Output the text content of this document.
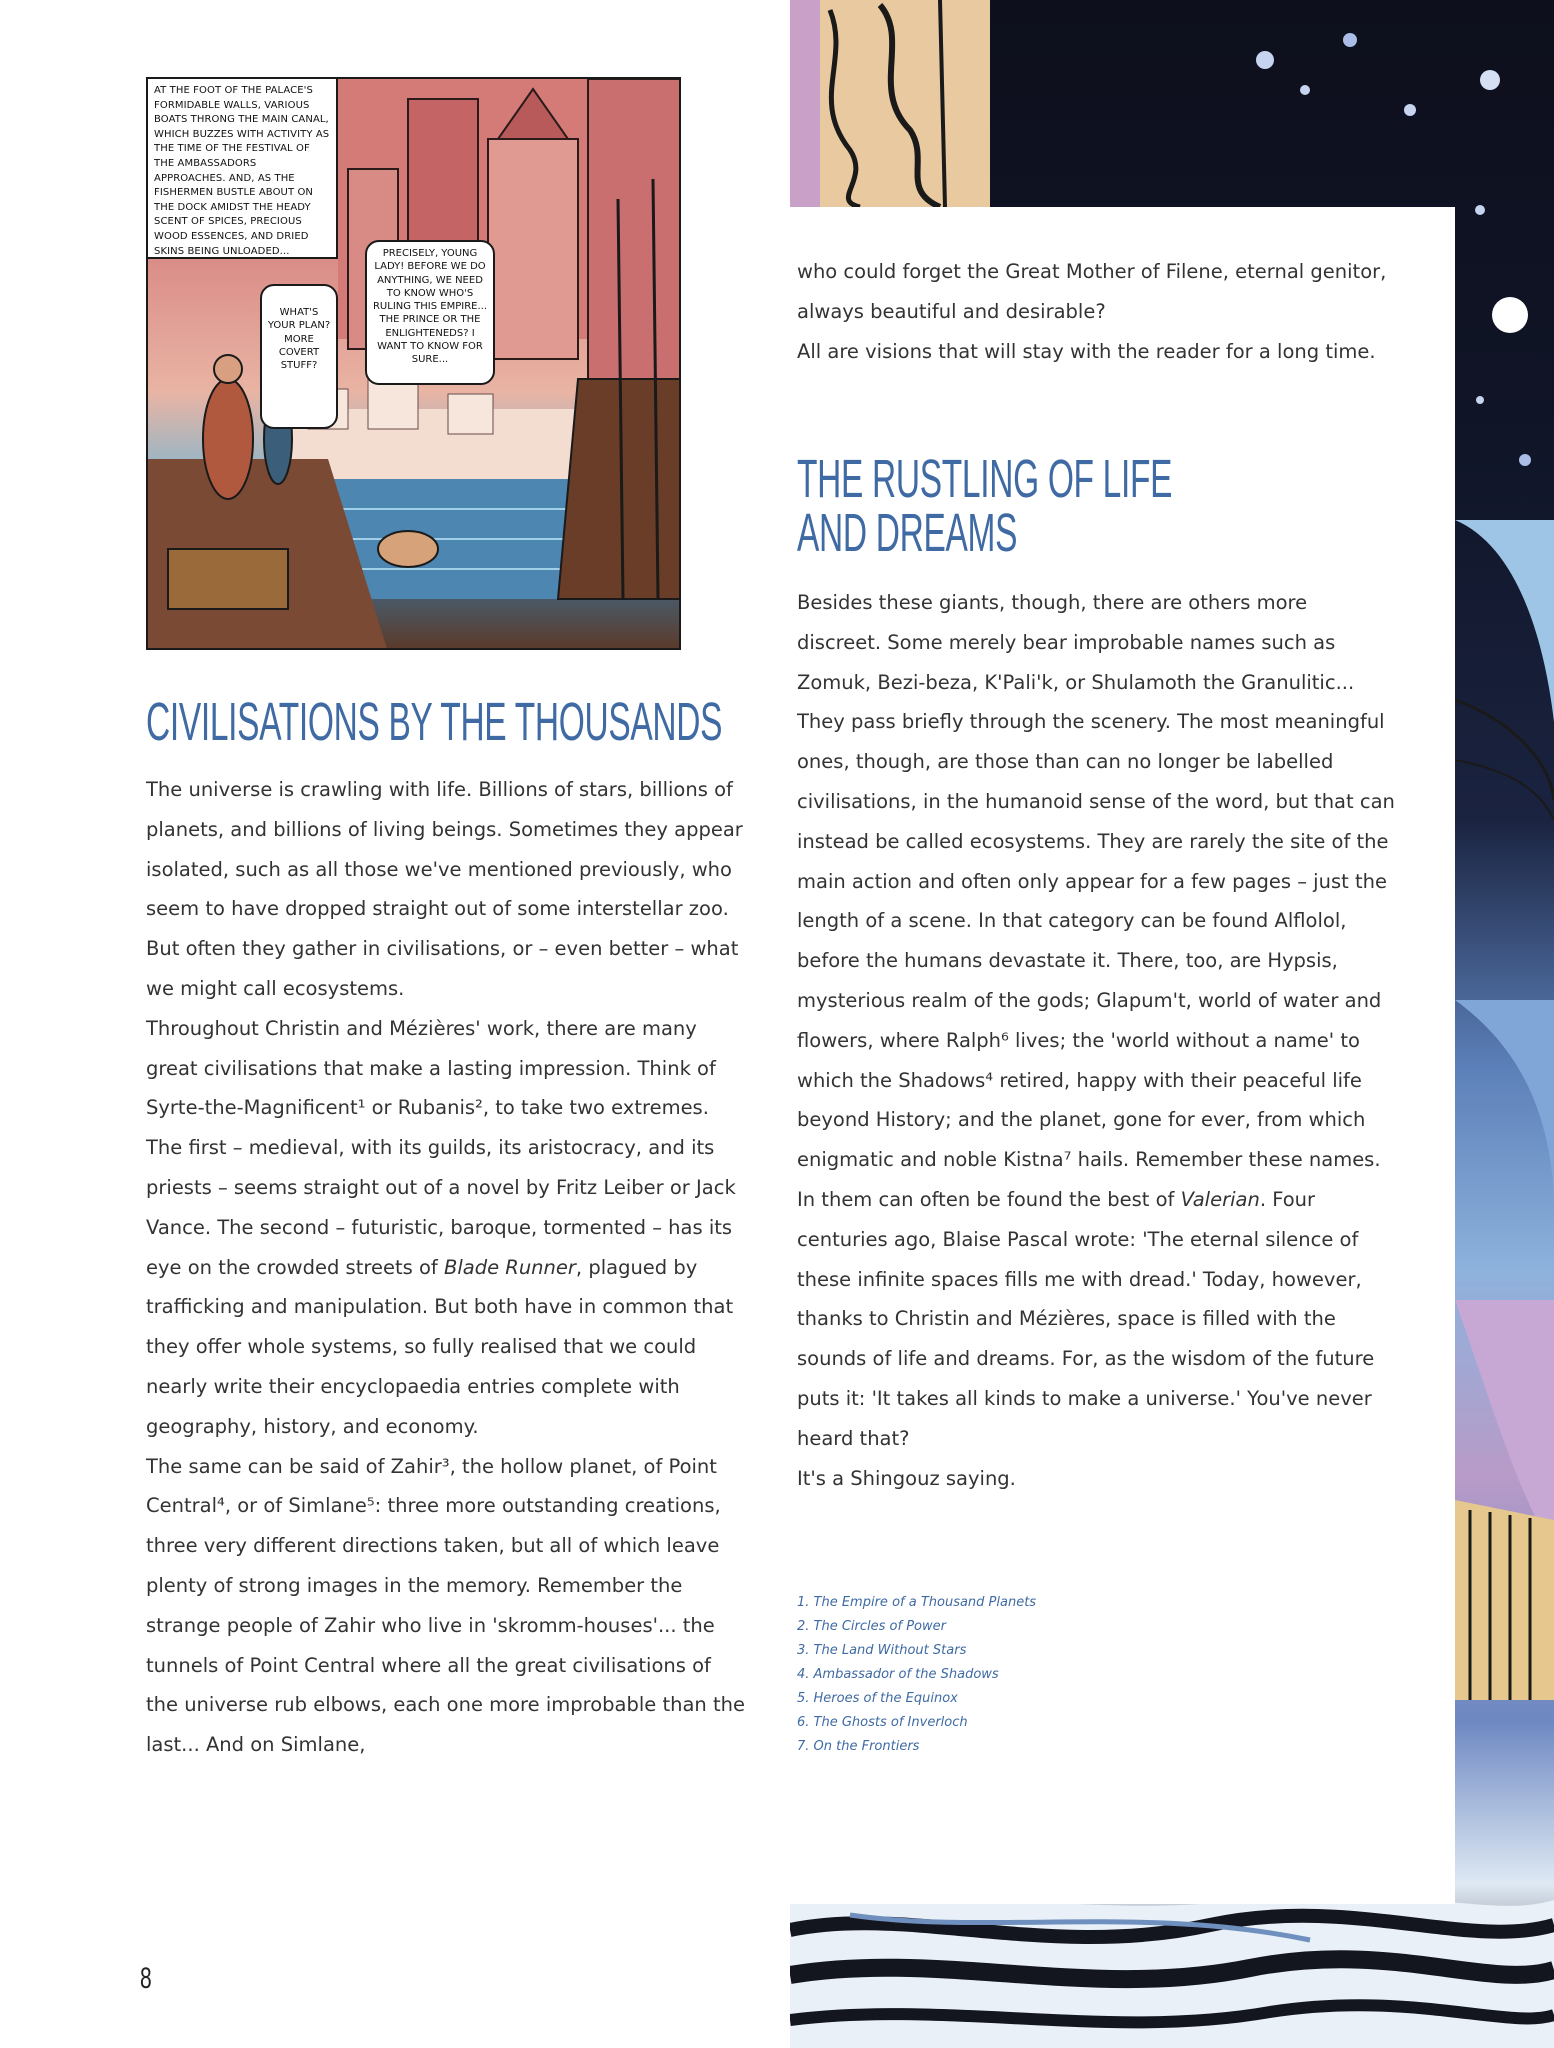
AT THE FOOT OF THE PALACE'S FORMIDABLE WALLS, VARIOUS BOATS THRONG THE MAIN CANAL, WHICH BUZZES WITH ACTIVITY AS THE TIME OF THE FESTIVAL OF THE AMBASSADORS APPROACHES. AND, AS THE FISHERMEN BUSTLE ABOUT ON THE DOCK AMIDST THE HEADY SCENT OF SPICES, PRECIOUS WOOD ESSENCES, AND DRIED SKINS BEING UNLOADED...
WHAT'S YOUR PLAN? MORE COVERT STUFF?
PRECISELY, YOUNG LADY! BEFORE WE DO ANYTHING, WE NEED TO KNOW WHO'S RULING THIS EMPIRE... THE PRINCE OR THE ENLIGHTENEDS? I WANT TO KNOW FOR SURE...
CIVILISATIONS BY THE THOUSANDS

The universe is crawling with life. Billions of stars, billions of planets, and billions of living beings. Sometimes they appear isolated, such as all those we've mentioned previously, who seem to have dropped straight out of some interstellar zoo. But often they gather in civilisations, or – even better – what we might call ecosystems.

Throughout Christin and Mézières' work, there are many great civilisations that make a lasting impression. Think of Syrte-the-Magnificent¹ or Rubanis², to take two extremes. The first – medieval, with its guilds, its aristocracy, and its priests – seems straight out of a novel by Fritz Leiber or Jack Vance. The second – futuristic, baroque, tormented – has its eye on the crowded streets of Blade Runner, plagued by trafficking and manipulation. But both have in common that they offer whole systems, so fully realised that we could nearly write their encyclopaedia entries complete with geography, history, and economy.

The same can be said of Zahir³, the hollow planet, of Point Central⁴, or of Simlane⁵: three more outstanding creations, three very different directions taken, but all of which leave plenty of strong images in the memory. Remember the strange people of Zahir who live in 'skromm-houses'... the tunnels of Point Central where all the great civilisations of the universe rub elbows, each one more improbable than the last... And on Simlane,

who could forget the Great Mother of Filene, eternal genitor, always beautiful and desirable?

All are visions that will stay with the reader for a long time.

THE RUSTLING OF LIFE
AND DREAMS

Besides these giants, though, there are others more discreet. Some merely bear improbable names such as Zomuk, Bezi-beza, K'Pali'k, or Shulamoth the Granulitic... They pass briefly through the scenery. The most meaningful ones, though, are those than can no longer be labelled civilisations, in the humanoid sense of the word, but that can instead be called ecosystems. They are rarely the site of the main action and often only appear for a few pages – just the length of a scene. In that category can be found Alflolol, before the humans devastate it. There, too, are Hypsis, mysterious realm of the gods; Glapum't, world of water and flowers, where Ralph⁶ lives; the 'world without a name' to which the Shadows⁴ retired, happy with their peaceful life beyond History; and the planet, gone for ever, from which enigmatic and noble Kistna⁷ hails. Remember these names. In them can often be found the best of Valerian. Four centuries ago, Blaise Pascal wrote: 'The eternal silence of these infinite spaces fills me with dread.' Today, however, thanks to Christin and Mézières, space is filled with the sounds of life and dreams. For, as the wisdom of the future puts it: 'It takes all kinds to make a universe.' You've never heard that?

It's a Shingouz saying.

1. The Empire of a Thousand Planets
2. The Circles of Power
3. The Land Without Stars
4. Ambassador of the Shadows
5. Heroes of the Equinox
6. The Ghosts of Inverloch
7. On the Frontiers
8
